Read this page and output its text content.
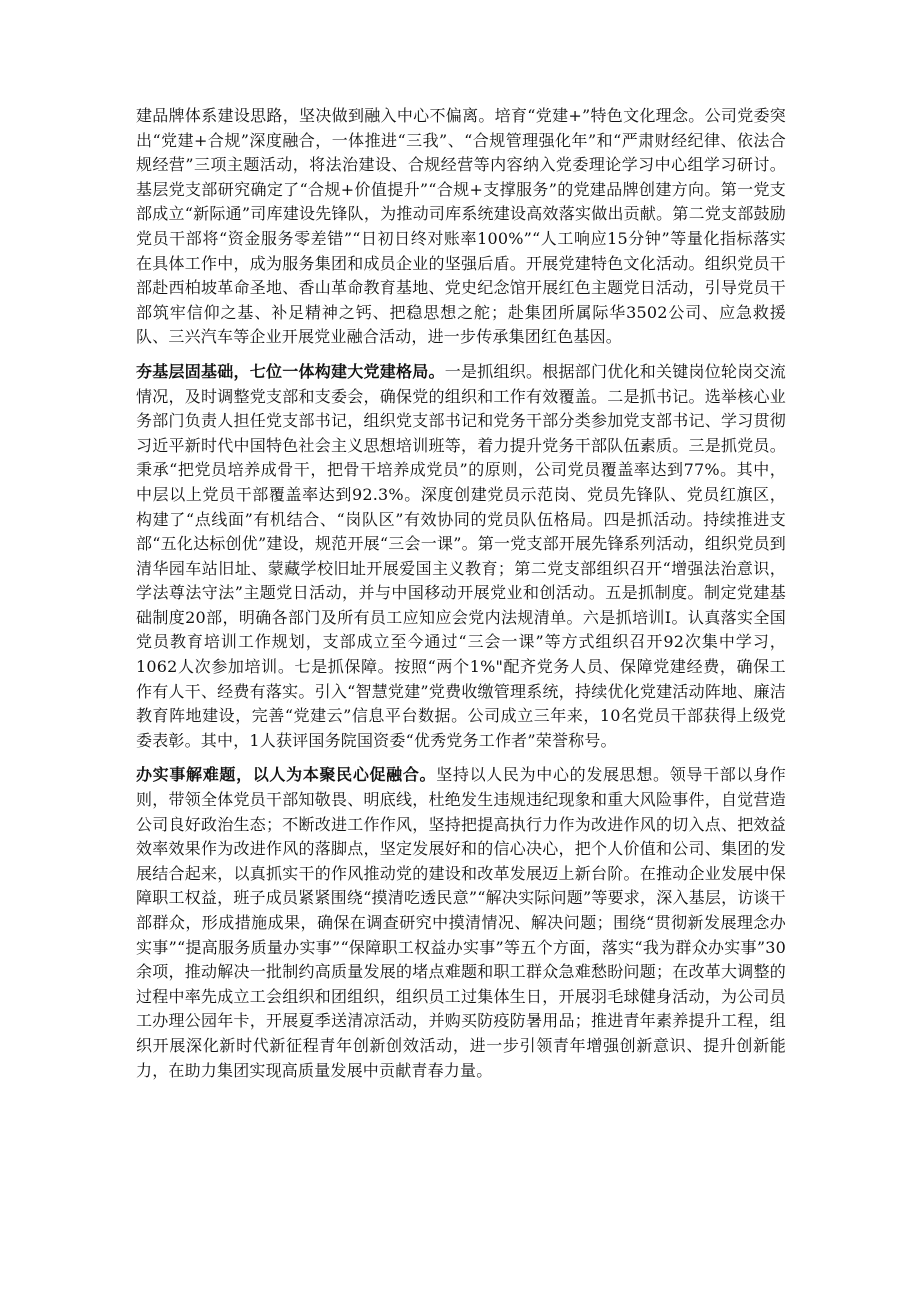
建品牌体系建设思路，坚决做到融入中心不偏离。培育“党建+”特色文化理念。公司党委突出“党建+合规”深度融合，一体推进“三我”、“合规管理强化年”和“严肃财经纪律、依法合规经营”三项主题活动，将法治建设、合规经营等内容纳入党委理论学习中心组学习研讨。基层党支部研究确定了“合规+价值提升”“合规+支撑服务”的党建品牌创建方向。第一党支部成立“新际通”司库建设先锋队，为推动司库系统建设高效落实做出贡献。第二党支部鼓励党员干部将“资金服务零差错”“日初日终对账率100%”“人工响应15分钟”等量化指标落实在具体工作中，成为服务集团和成员企业的坚强后盾。开展党建特色文化活动。组织党员干部赴西柏坡革命圣地、香山革命教育基地、党史纪念馆开展红色主题党日活动，引导党员干部筑牢信仰之基、补足精神之钙、把稳思想之舵；赴集团所属际华3502公司、应急救援队、三兴汽车等企业开展党业融合活动，进一步传承集团红色基因。

夯基层固基础，七位一体构建大党建格局。一是抓组织。根据部门优化和关键岗位轮岗交流情况，及时调整党支部和支委会，确保党的组织和工作有效覆盖。二是抓书记。选举核心业务部门负责人担任党支部书记，组织党支部书记和党务干部分类参加党支部书记、学习贯彻习近平新时代中国特色社会主义思想培训班等，着力提升党务干部队伍素质。三是抓党员。秉承“把党员培养成骨干，把骨干培养成党员”的原则，公司党员覆盖率达到77%。其中，中层以上党员干部覆盖率达到92.3%。深度创建党员示范岗、党员先锋队、党员红旗区，构建了“点线面”有机结合、“岗队区”有效协同的党员队伍格局。四是抓活动。持续推进支部“五化达标创优”建设，规范开展“三会一课”。第一党支部开展先锋系列活动，组织党员到清华园车站旧址、蒙藏学校旧址开展爱国主义教育；第二党支部组织召开“增强法治意识，学法尊法守法”主题党日活动，并与中国移动开展党业和创活动。五是抓制度。制定党建基础制度20部，明确各部门及所有员工应知应会党内法规清单。六是抓培训Ⅰ。认真落实全国党员教育培训工作规划，支部成立至今通过“三会一课”等方式组织召开92次集中学习，1062人次参加培训。七是抓保障。按照“两个1%"配齐党务人员、保障党建经费，确保工作有人干、经费有落实。引入“智慧党建”党费收缴管理系统，持续优化党建活动阵地、廉洁教育阵地建设，完善“党建云”信息平台数据。公司成立三年来，10名党员干部获得上级党委表彰。其中，1人获评国务院国资委“优秀党务工作者”荣誉称号。

办实事解难题，以人为本聚民心促融合。坚持以人民为中心的发展思想。领导干部以身作则，带领全体党员干部知敬畏、明底线，杜绝发生违规违纪现象和重大风险事件，自觉营造公司良好政治生态；不断改进工作作风，坚持把提高执行力作为改进作风的切入点、把效益效率效果作为改进作风的落脚点，坚定发展好和的信心决心，把个人价值和公司、集团的发展结合起来，以真抓实干的作风推动党的建设和改革发展迈上新台阶。在推动企业发展中保障职工权益，班子成员紧紧围绕“摸清吃透民意”“解决实际问题”等要求，深入基层，访谈干部群众，形成措施成果，确保在调查研究中摸清情况、解决问题；围绕“贯彻新发展理念办实事”“提高服务质量办实事”“保障职工权益办实事”等五个方面，落实“我为群众办实事”30余项，推动解决一批制约高质量发展的堵点难题和职工群众急难愁盼问题；在改革大调整的过程中率先成立工会组织和团组织，组织员工过集体生日，开展羽毛球健身活动，为公司员工办理公园年卡，开展夏季送清凉活动，并购买防疫防暑用品；推进青年素养提升工程，组织开展深化新时代新征程青年创新创效活动，进一步引领青年增强创新意识、提升创新能力，在助力集团实现高质量发展中贡献青春力量。
